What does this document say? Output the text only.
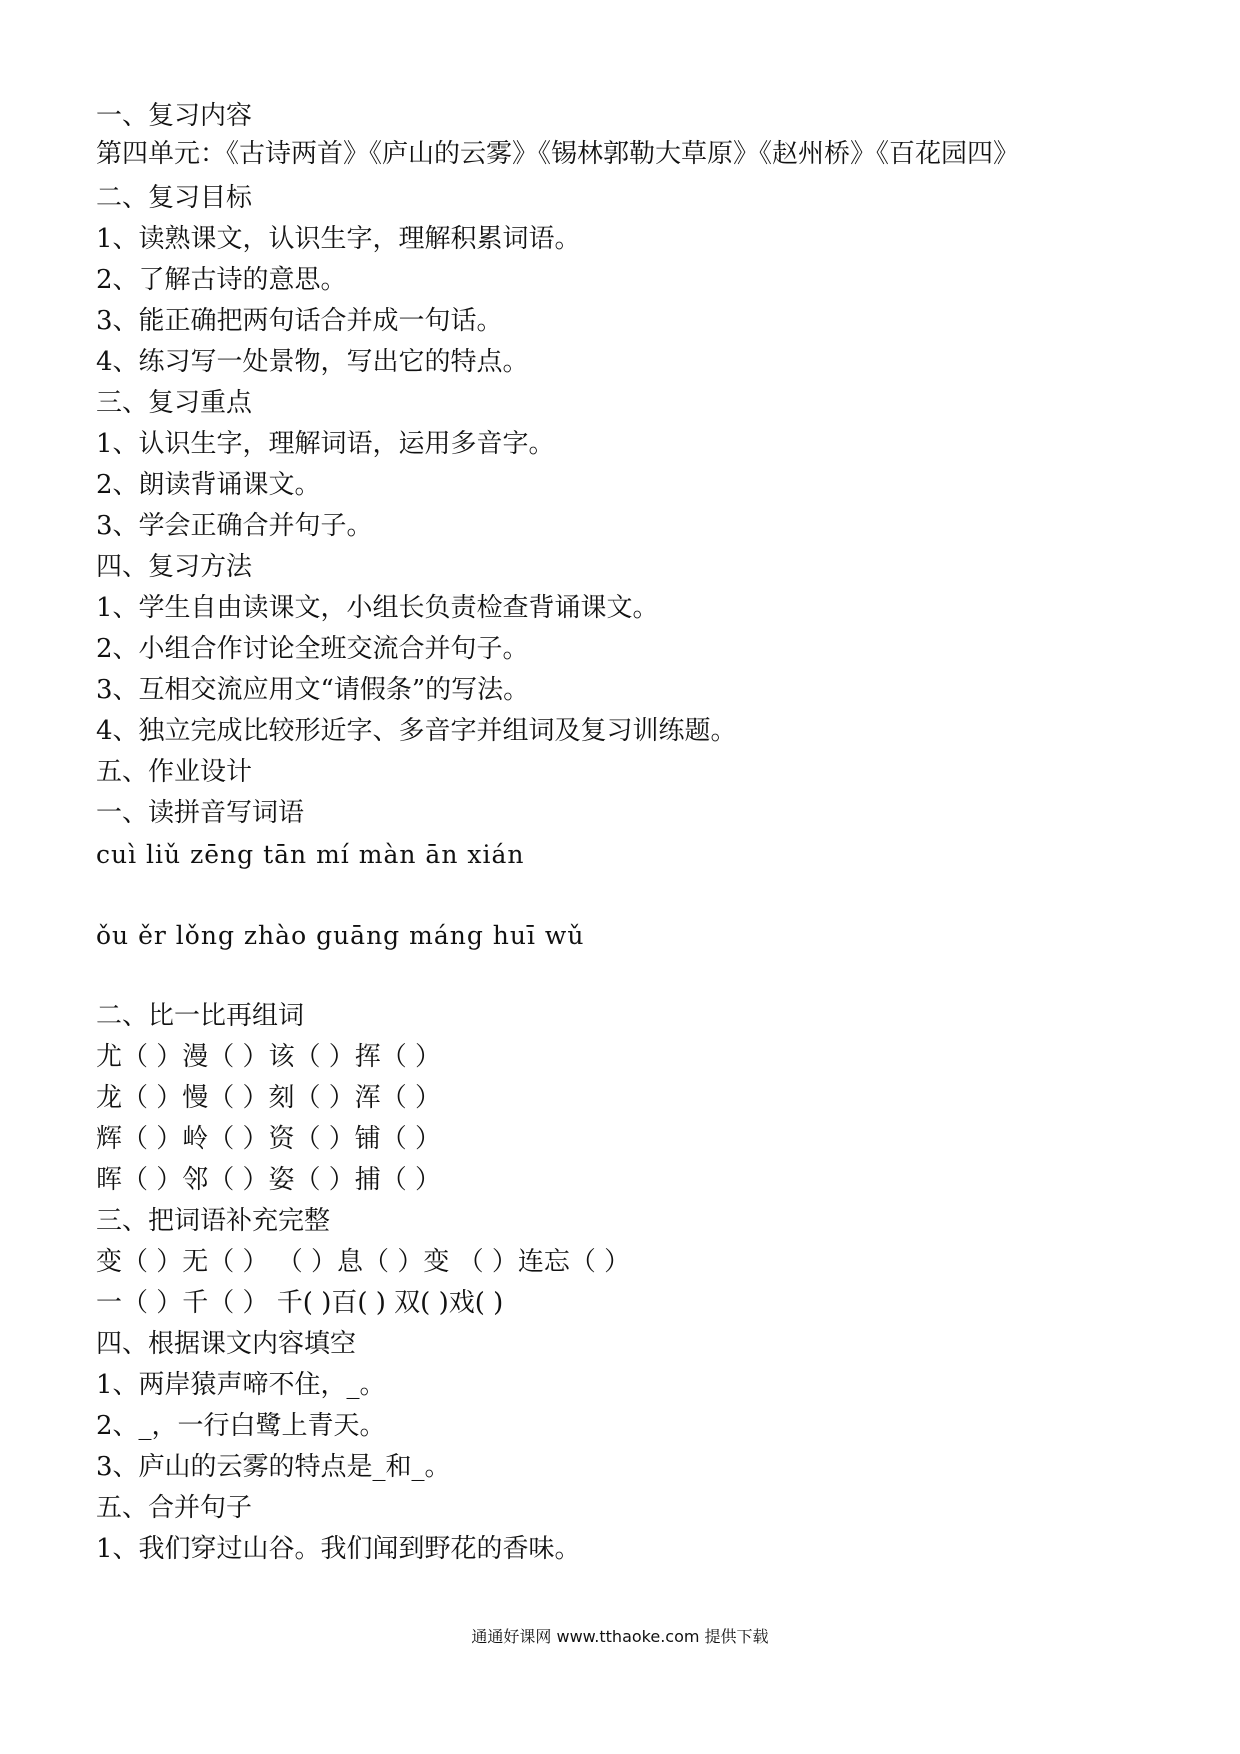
一、复习内容
第四单元：《古诗两首》《庐山的云雾》《锡林郭勒大草原》《赵州桥》《百花园四》
二、复习目标
1、读熟课文，认识生字，理解积累词语。
2、了解古诗的意思。
3、能正确把两句话合并成一句话。
4、练习写一处景物，写出它的特点。
三、复习重点
1、认识生字，理解词语，运用多音字。
2、朗读背诵课文。
3、学会正确合并句子。
四、复习方法
1、学生自由读课文，小组长负责检查背诵课文。
2、小组合作讨论全班交流合并句子。
3、互相交流应用文“请假条”的写法。
4、独立完成比较形近字、多音字并组词及复习训练题。
五、作业设计
一、读拼音写词语
cuì liǔ zēng tān mí màn ān xián
ǒu ěr lǒng zhào guāng máng huī wǔ
二、比一比再组词
尤（ ）漫（ ）该（ ）挥（ ）
龙（ ）慢（ ）刻（ ）浑（ ）
辉（ ）岭（ ）资（ ）铺（ ）
晖（ ）邻（ ）姿（ ）捕（ ）
三、把词语补充完整
变（ ）无（ ） （ ）息（ ）变 （ ）连忘（ ）
一（ ）千（ ） 千( )百( ) 双( )戏( )
四、根据课文内容填空
1、两岸猿声啼不住，_。
2、_，一行白鹭上青天。
3、庐山的云雾的特点是_和_。
五、合并句子
1、我们穿过山谷。我们闻到野花的香味。
通通好课网 www.tthaoke.com 提供下载
